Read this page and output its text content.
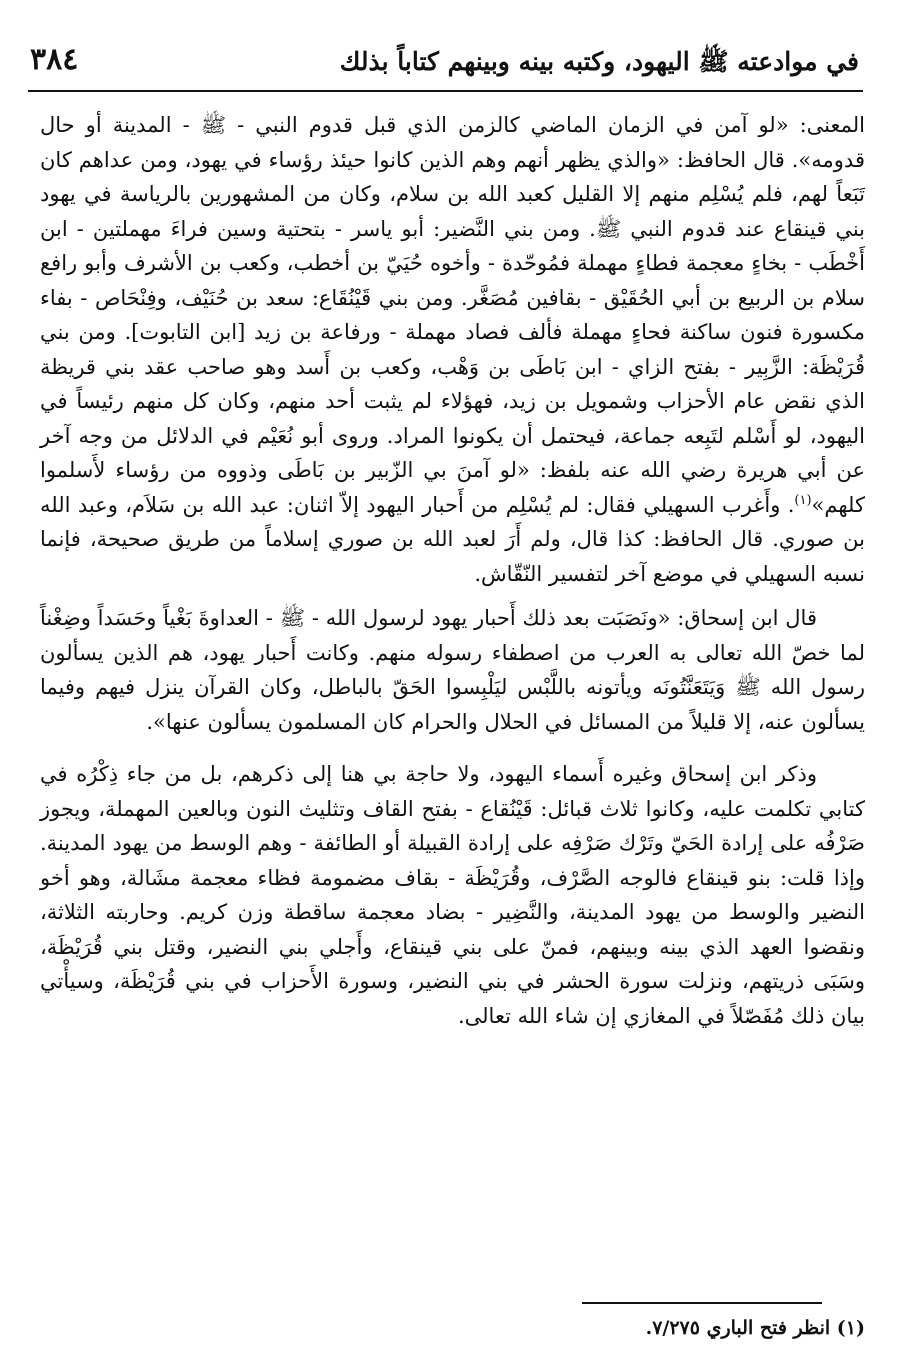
في موادعته ﷺ اليهود، وكتبه بينه وبينهم كتاباً بذلك
٣٨٤

المعنى: «لو آمن في الزمان الماضي كالزمن الذي قبل قدوم النبي - ﷺ - المدينة أو حال قدومه». قال الحافظ: «والذي يظهر أنهم وهم الذين كانوا حيئذ رؤساء في يهود، ومن عداهم كان تَبَعاً لهم، فلم يُسْلِم منهم إلا القليل كعبد الله بن سلام، وكان من المشهورين بالرياسة في يهود بني قينقاع عند قدوم النبي ﷺ. ومن بني النَّضير: أبو ياسر - بتحتية وسين فراءَ مهملتين - ابن أَخْطَب - بخاءٍ معجمة فطاءٍ مهملة فمُوحّدة - وأخوه حُيَيّ بن أخطب، وكعب بن الأشرف وأبو رافع سلام بن الربيع بن أبي الحُقَيْق - بقافين مُصَغَّر. ومن بني قَيْنُقَاع: سعد بن حُنَيْف، وفِنْحَاص - بفاء مكسورة فنون ساكنة فحاءٍ مهملة فألف فصاد مهملة - ورفاعة بن زيد [ابن التابوت]. ومن بني قُرَيْظَة: الزَّبِير - بفتح الزاي - ابن بَاطَى بن وَهْب، وكعب بن أَسد وهو صاحب عقد بني قريظة الذي نقض عام الأحزاب وشمويل بن زيد، فهؤلاء لم يثبت أحد منهم، وكان كل منهم رئيساً في اليهود، لو أَسْلم لتَبِعه جماعة، فيحتمل أن يكونوا المراد. وروى أبو نُعَيْم في الدلائل من وجه آخر عن أبي هريرة رضي الله عنه بلفظ: «لو آمنَ بي الزّبير بن بَاطَى وذووه من رؤساء لأَسلموا كلهم»$^{(١)}$. وأَغرب السهيلي فقال: لم يُسْلِم من أَحبار اليهود إلاّ اثنان: عبد الله بن سَلاَم، وعبد الله بن صوري. قال الحافظ: كذا قال، ولم أَرَ لعبد الله بن صوري إسلاماً من طريق صحيحة، فإنما نسبه السهيلي في موضع آخر لتفسير النّقّاش.

قال ابن إسحاق: «ونَصَبَت بعد ذلك أَحبار يهود لرسول الله - ﷺ - العداوةَ بَغْياً وحَسَداً وضِغْناً لما خصّ الله تعالى به العرب من اصطفاء رسوله منهم. وكانت أَحبار يهود، هم الذين يسألون رسول الله ﷺ وَيَتَعَنَّتُونَه ويأتونه باللَّبْس ليَلْبِسوا الحَقّ بالباطل، وكان القرآن ينزل فيهم وفيما يسألون عنه، إلا قليلاً من المسائل في الحلال والحرام كان المسلمون يسألون عنها».

وذكر ابن إسحاق وغيره أَسماء اليهود، ولا حاجة بي هنا إلى ذكرهم، بل من جاء ذِكْرُه في كتابي تكلمت عليه، وكانوا ثلاث قبائل: قَيْنُقاع - بفتح القاف وتثليث النون وبالعين المهملة، ويجوز صَرْفُه على إرادة الحَيّ وتَرْك صَرْفِه على إرادة القبيلة أو الطائفة - وهم الوسط من يهود المدينة. وإذا قلت: بنو قينقاع فالوجه الصَّرْف، وقُرَيْظَة - بقاف مضمومة فظاء معجمة مشَالة، وهو أخو النضير والوسط من يهود المدينة، والنَّضِير - بضاد معجمة ساقطة وزن كريم. وحاربته الثلاثة، ونقضوا العهد الذي بينه وبينهم، فمنّ على بني قينقاع، وأَجلي بني النضير، وقتل بني قُرَيْظَة، وسَبَى ذريتهم، ونزلت سورة الحشر في بني النضير، وسورة الأَحزاب في بني قُرَيْظَة، وسيأْتي بيان ذلك مُفَصّلاً في المغازي إن شاء الله تعالى.

(١) انظر فتح الباري ٧/٢٧٥.
